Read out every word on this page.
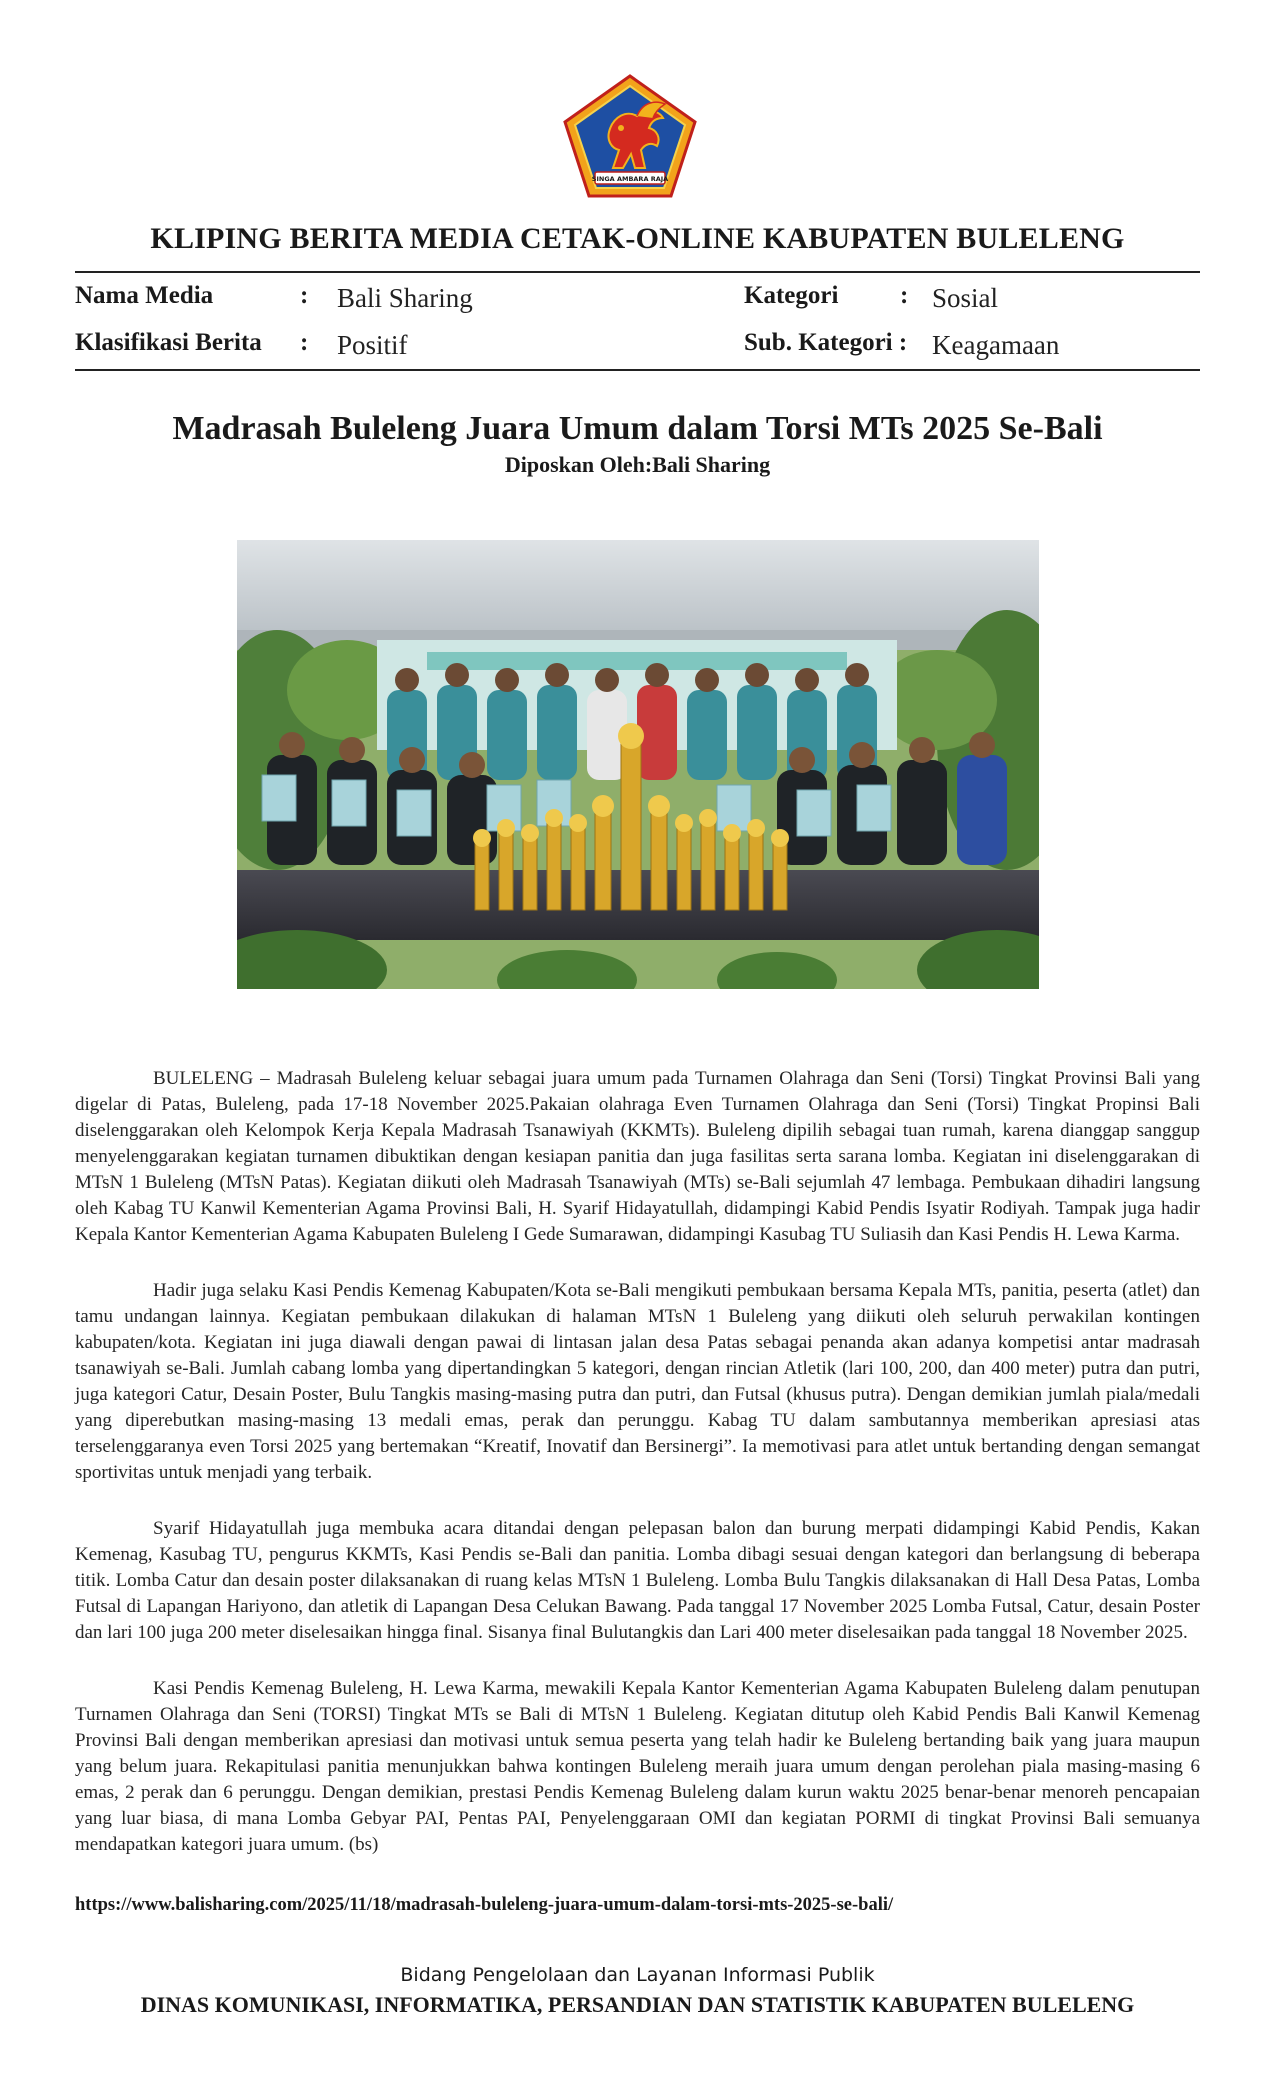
SINGA AMBARA RAJA
KLIPING BERITA MEDIA CETAK-ONLINE KABUPATEN BULELENG
Nama Media	: Bali Sharing	Kategori : Sosial
Klasifikasi Berita : Positif	Sub. Kategori : Keagamaan
Madrasah Buleleng Juara Umum dalam Torsi MTs 2025 Se-Bali
Diposkan Oleh:Bali Sharing

BULELENG – Madrasah Buleleng keluar sebagai juara umum pada Turnamen Olahraga dan Seni (Torsi) Tingkat Provinsi Bali yang digelar di Patas, Buleleng, pada 17-18 November 2025.Pakaian olahraga Even Turnamen Olahraga dan Seni (Torsi) Tingkat Propinsi Bali diselenggarakan oleh Kelompok Kerja Kepala Madrasah Tsanawiyah (KKMTs). Buleleng dipilih sebagai tuan rumah, karena dianggap sanggup menyelenggarakan kegiatan turnamen dibuktikan dengan kesiapan panitia dan juga fasilitas serta sarana lomba. Kegiatan ini diselenggarakan di MTsN 1 Buleleng (MTsN Patas). Kegiatan diikuti oleh Madrasah Tsanawiyah (MTs) se-Bali sejumlah 47 lembaga. Pembukaan dihadiri langsung oleh Kabag TU Kanwil Kementerian Agama Provinsi Bali, H. Syarif Hidayatullah, didampingi Kabid Pendis Isyatir Rodiyah. Tampak juga hadir Kepala Kantor Kementerian Agama Kabupaten Buleleng I Gede Sumarawan, didampingi Kasubag TU Suliasih dan Kasi Pendis H. Lewa Karma.

Hadir juga selaku Kasi Pendis Kemenag Kabupaten/Kota se-Bali mengikuti pembukaan bersama Kepala MTs, panitia, peserta (atlet) dan tamu undangan lainnya. Kegiatan pembukaan dilakukan di halaman MTsN 1 Buleleng yang diikuti oleh seluruh perwakilan kontingen kabupaten/kota. Kegiatan ini juga diawali dengan pawai di lintasan jalan desa Patas sebagai penanda akan adanya kompetisi antar madrasah tsanawiyah se-Bali. Jumlah cabang lomba yang dipertandingkan 5 kategori, dengan rincian Atletik (lari 100, 200, dan 400 meter) putra dan putri, juga kategori Catur, Desain Poster, Bulu Tangkis masing-masing putra dan putri, dan Futsal (khusus putra). Dengan demikian jumlah piala/medali yang diperebutkan masing-masing 13 medali emas, perak dan perunggu. Kabag TU dalam sambutannya memberikan apresiasi atas terselenggaranya even Torsi 2025 yang bertemakan “Kreatif, Inovatif dan Bersinergi”. Ia memotivasi para atlet untuk bertanding dengan semangat sportivitas untuk menjadi yang terbaik.

Syarif Hidayatullah juga membuka acara ditandai dengan pelepasan balon dan burung merpati didampingi Kabid Pendis, Kakan Kemenag, Kasubag TU, pengurus KKMTs, Kasi Pendis se-Bali dan panitia. Lomba dibagi sesuai dengan kategori dan berlangsung di beberapa titik. Lomba Catur dan desain poster dilaksanakan di ruang kelas MTsN 1 Buleleng. Lomba Bulu Tangkis dilaksanakan di Hall Desa Patas, Lomba Futsal di Lapangan Hariyono, dan atletik di Lapangan Desa Celukan Bawang. Pada tanggal 17 November 2025 Lomba Futsal, Catur, desain Poster dan lari 100 juga 200 meter diselesaikan hingga final. Sisanya final Bulutangkis dan Lari 400 meter diselesaikan pada tanggal 18 November 2025.

Kasi Pendis Kemenag Buleleng, H. Lewa Karma, mewakili Kepala Kantor Kementerian Agama Kabupaten Buleleng dalam penutupan Turnamen Olahraga dan Seni (TORSI) Tingkat MTs se Bali di MTsN 1 Buleleng. Kegiatan ditutup oleh Kabid Pendis Bali Kanwil Kemenag Provinsi Bali dengan memberikan apresiasi dan motivasi untuk semua peserta yang telah hadir ke Buleleng bertanding baik yang juara maupun yang belum juara. Rekapitulasi panitia menunjukkan bahwa kontingen Buleleng meraih juara umum dengan perolehan piala masing-masing 6 emas, 2 perak dan 6 perunggu. Dengan demikian, prestasi Pendis Kemenag Buleleng dalam kurun waktu 2025 benar-benar menoreh pencapaian yang luar biasa, di mana Lomba Gebyar PAI, Pentas PAI, Penyelenggaraan OMI dan kegiatan PORMI di tingkat Provinsi Bali semuanya mendapatkan kategori juara umum. (bs)

https://www.balisharing.com/2025/11/18/madrasah-buleleng-juara-umum-dalam-torsi-mts-2025-se-bali/
Bidang Pengelolaan dan Layanan Informasi Publik
DINAS KOMUNIKASI, INFORMATIKA, PERSANDIAN DAN STATISTIK KABUPATEN BULELENG
